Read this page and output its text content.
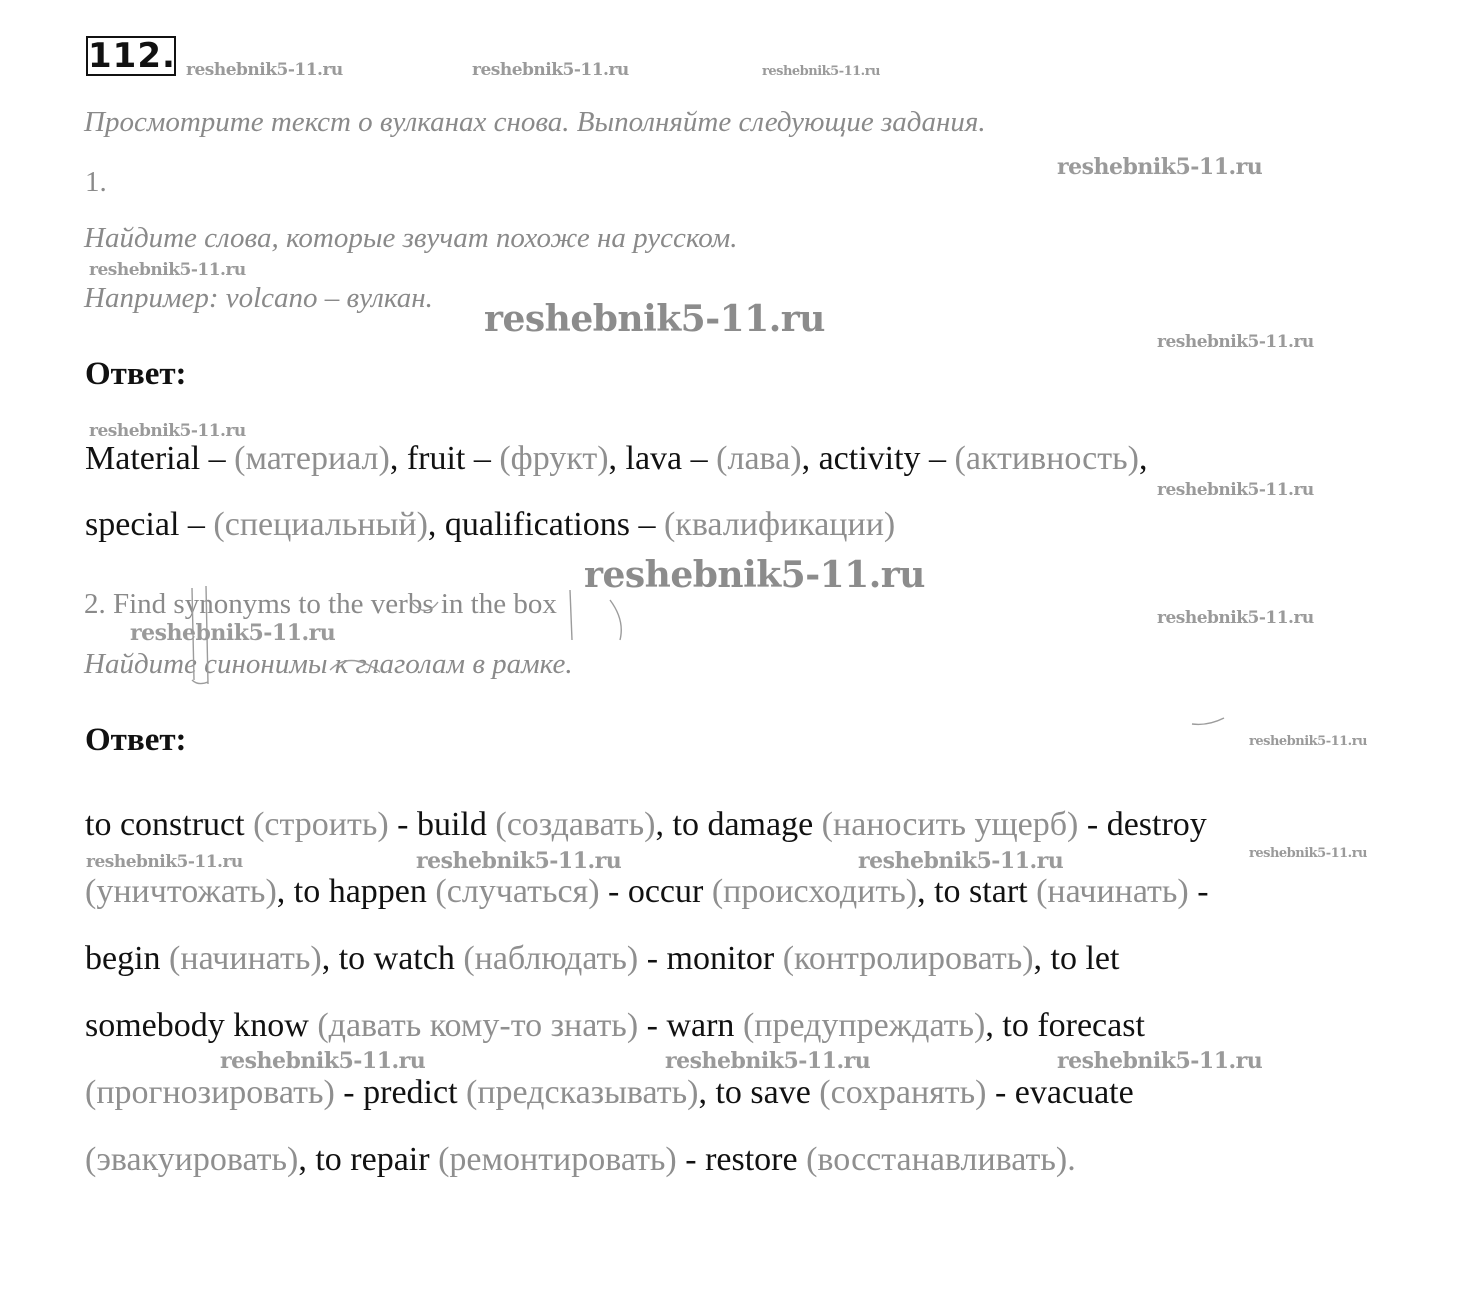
112.
Просмотрите текст о вулканах снова. Выполняйте следующие задания.
1.
Найдите слова, которые звучат похоже на русском.
Например: volcano – вулкан.
Ответ:
Material – (материал), fruit – (фрукт), lava – (лава), activity – (активность),
special – (специальный), qualifications – (квалификации)
2. Find synonyms to the verbs in the box
Найдите синонимы к глаголам в рамке.
Ответ:
to construct (строить) - build (создавать), to damage (наносить ущерб) - destroy
(уничтожать), to happen (случаться) - occur (происходить), to start (начинать) -
begin (начинать), to watch (наблюдать) - monitor (контролировать), to let
somebody know (давать кому-то знать) - warn (предупреждать), to forecast
(прогнозировать) - predict (предсказывать), to save (сохранять) - evacuate
(эвакуировать), to repair (ремонтировать) - restore (восстанавливать).
reshebnik5-11.ru	reshebnik5-11.ru	reshebnik5-11.ru
reshebnik5-11.ru
reshebnik5-11.ru
reshebnik5-11.ru
reshebnik5-11.ru
reshebnik5-11.ru
reshebnik5-11.ru
reshebnik5-11.ru
reshebnik5-11.ru
reshebnik5-11.ru
reshebnik5-11.ru
reshebnik5-11.ru	reshebnik5-11.ru	reshebnik5-11.ru	reshebnik5-11.ru
reshebnik5-11.ru	reshebnik5-11.ru	reshebnik5-11.ru
